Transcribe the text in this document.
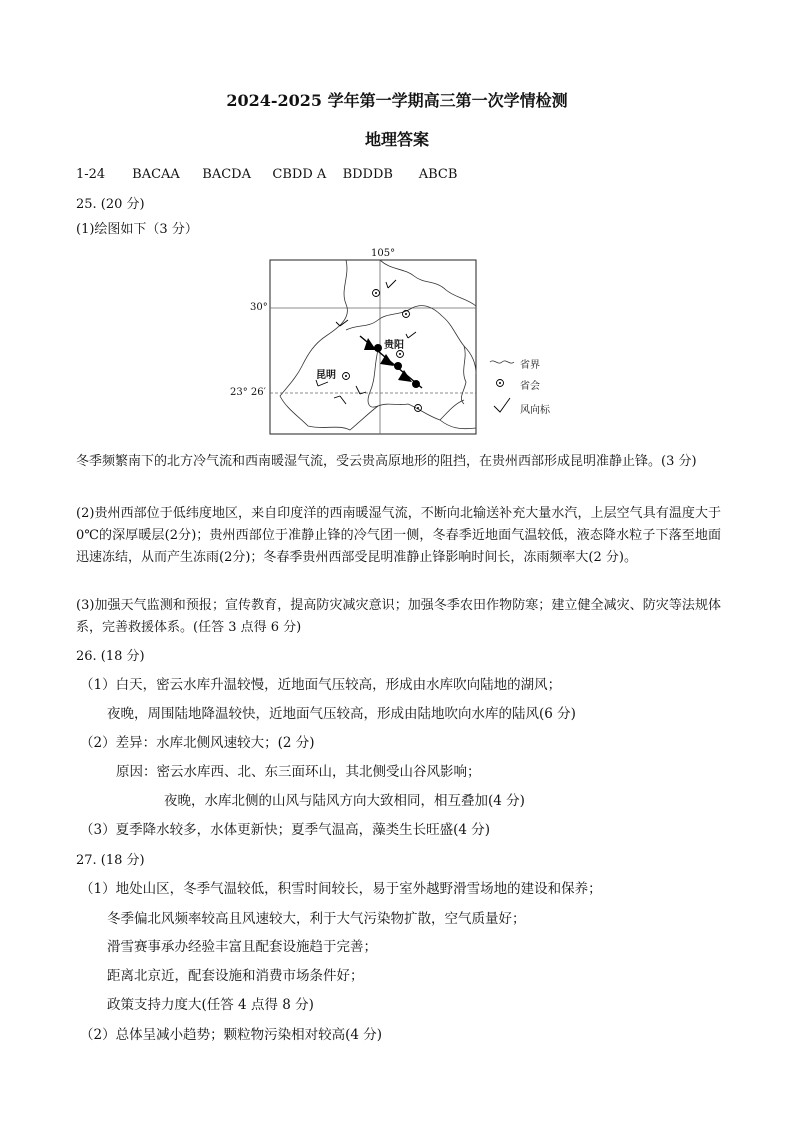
2024-2025 学年第一学期高三第一次学情检测
地理答案
1-24 BACAA BACDA CBDD A BDDDB ABCB
25. (20 分)
(1)绘图如下（3 分）
105°
30°
23° 26′
贵阳
昆明
省界
省会
风向标
冬季频繁南下的北方冷气流和西南暖湿气流，受云贵高原地形的阻挡，在贵州西部形成昆明准静止锋。(3 分)
(2)贵州西部位于低纬度地区，来自印度洋的西南暖湿气流，不断向北输送补充大量水汽，上层空气具有温度大于 0℃的深厚暖层(2分)；贵州西部位于准静止锋的冷气团一侧，冬春季近地面气温较低，液态降水粒子下落至地面迅速冻结，从而产生冻雨(2分)；冬春季贵州西部受昆明准静止锋影响时间长，冻雨频率大(2 分)。
(3)加强天气监测和预报；宣传教育，提高防灾减灾意识；加强冬季农田作物防寒；建立健全减灾、防灾等法规体系，完善救援体系。(任答 3 点得 6 分)
26. (18 分)
（1）白天，密云水库升温较慢，近地面气压较高，形成由水库吹向陆地的湖风；
夜晚，周围陆地降温较快，近地面气压较高，形成由陆地吹向水库的陆风(6 分)
（2）差异：水库北侧风速较大；(2 分)
原因：密云水库西、北、东三面环山，其北侧受山谷风影响；
夜晚，水库北侧的山风与陆风方向大致相同，相互叠加(4 分)
（3）夏季降水较多，水体更新快；夏季气温高，藻类生长旺盛(4 分)
27. (18 分)
（1）地处山区，冬季气温较低，积雪时间较长，易于室外越野滑雪场地的建设和保养；
冬季偏北风频率较高且风速较大，利于大气污染物扩散，空气质量好；
滑雪赛事承办经验丰富且配套设施趋于完善；
距离北京近，配套设施和消费市场条件好；
政策支持力度大(任答 4 点得 8 分)
（2）总体呈减小趋势；颗粒物污染相对较高(4 分)
